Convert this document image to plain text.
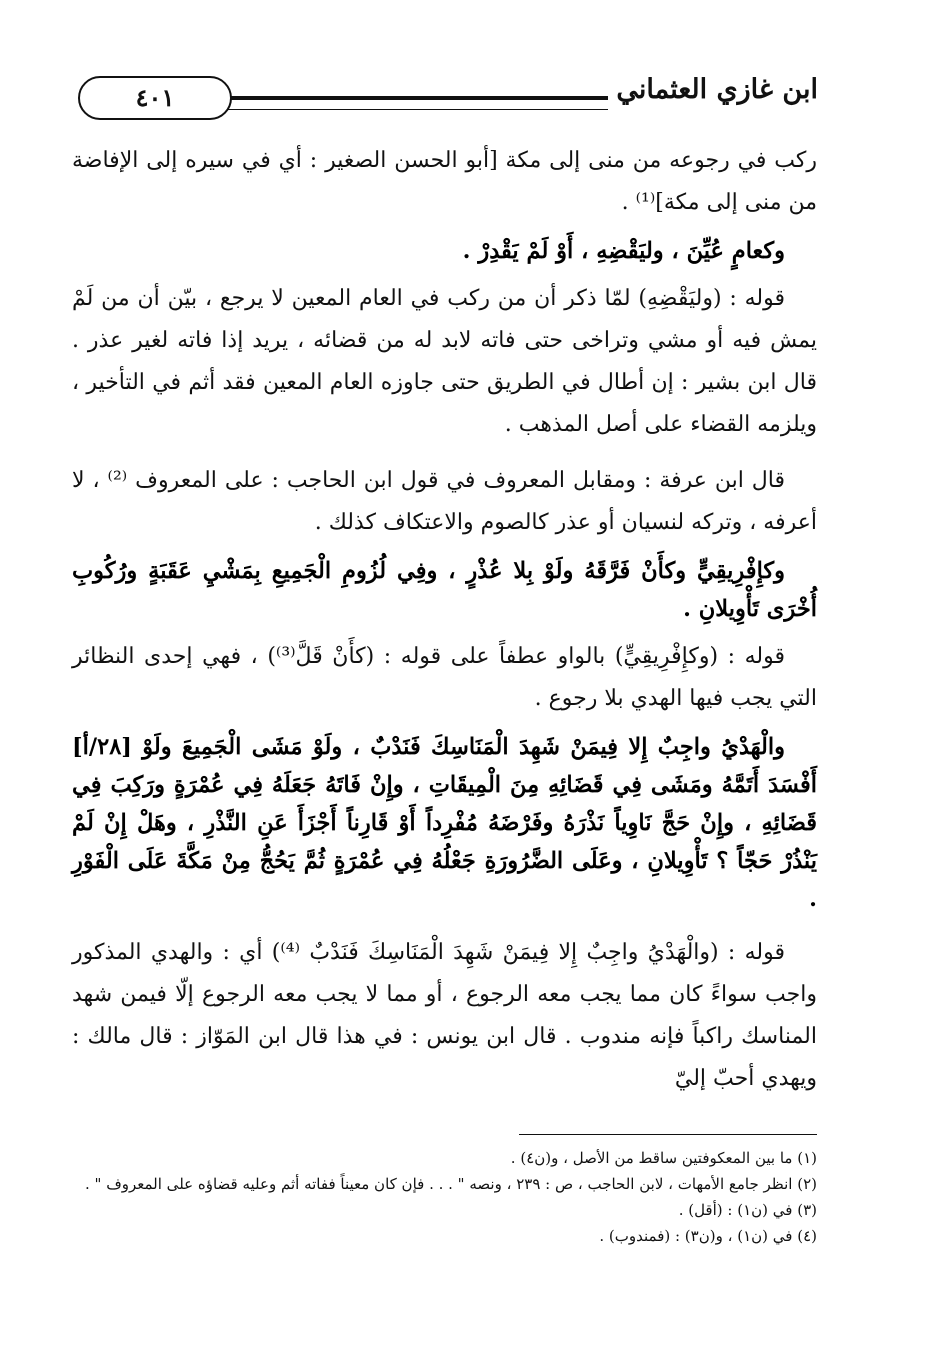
ابن غازي العثماني
٤٠١

ركب في رجوعه من منى إلى مكة [أبو الحسن الصغير : أي في سيره إلى الإفاضة من منى إلى مكة]⁽¹⁾ .

وكعامٍ عُيِّنَ ، وليَقْضِهِ ، أَوْ لَمْ يَقْدِرْ .

قوله : (وليَقْضِهِ) لمّا ذكر أن من ركب في العام المعين لا يرجع ، بيّن أن من لَمْ يمش فيه أو مشي وتراخى حتى فاته لابد له من قضائه ، يريد إذا فاته لغير عذر . قال ابن بشير : إن أطال في الطريق حتى جاوزه العام المعين فقد أثم في التأخير ، ويلزمه القضاء على أصل المذهب .

قال ابن عرفة : ومقابل المعروف في قول ابن الحاجب : على المعروف ⁽²⁾ ، لا أعرفه ، وتركه لنسيان أو عذر كالصوم والاعتكاف كذلك .

وكإِفْرِيقِيٍّ وكأَنْ فَرَّقَهُ ولَوْ بِلا عُذْرٍ ، وفِي لُزُومِ الْجَمِيعِ بِمَشْيِ عَقَبَةٍ ورُكُوبِ أُخْرَى تَأْوِيلانِ .

قوله : (وكإِفْرِيقِيٍّ) بالواو عطفاً على قوله : (كأَنْ قَلَّ⁽³⁾) ، فهي إحدى النظائر التي يجب فيها الهدي بلا رجوع .

والْهَدْيُ واجِبٌ إِلا فِيمَنْ شَهِدَ الْمَنَاسِكَ فَنَدْبٌ ، ولَوْ مَشَى الْجَمِيعَ ولَوْ [٢٨/أ] أَفْسَدَ أَتَمَّهُ ومَشَى فِي قَضَائِهِ مِنَ الْمِيقَاتِ ، وإِنْ فَاتَهُ جَعَلَهُ فِي عُمْرَةٍ ورَكِبَ فِي قَضَائِهِ ، وإِنْ حَجَّ نَاوِياً نَذْرَهُ وفَرْضَهُ مُفْرِداً أَوْ قَارِناً أَجْزَأَ عَنِ النَّذْرِ ، وهَلْ إِنْ لَمْ يَنْذُرْ حَجّاً ؟ تَأْوِيلانِ ، وعَلَى الضَّرُورَةِ جَعْلُهُ فِي عُمْرَةٍ ثُمَّ يَحُجُّ مِنْ مَكَّةَ عَلَى الْفَوْرِ .

قوله : (والْهَدْيُ واجِبٌ إِلا فِيمَنْ شَهِدَ الْمَنَاسِكَ فَنَدْبٌ ⁽⁴⁾) أي : والهدي المذكور واجب سواءً كان مما يجب معه الرجوع ، أو مما لا يجب معه الرجوع إلّا فيمن شهد المناسك راكباً فإنه مندوب . قال ابن يونس : في هذا قال ابن المَوّاز : قال مالك : ويهدي أحبّ إليّ

(١) ما بين المعكوفتين ساقط من الأصل ، و(ن٤) .
(٢) انظر جامع الأمهات ، لابن الحاجب ، ص : ٢٣٩ ، ونصه " . . . فإن كان معيناً ففاته أثم وعليه قضاؤه على المعروف " .
(٣) في (ن١) : (أقل) .
(٤) في (ن١) ، و(ن٣) : (فمندوب) .
